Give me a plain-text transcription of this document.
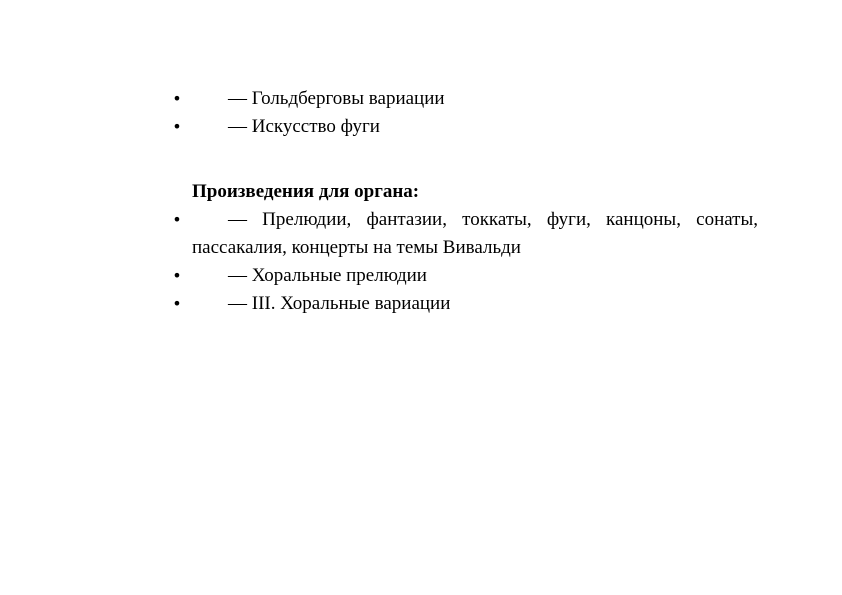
• — Гольдберговы вариации
• — Искусство фуги

Произведения для органа:

• — Прелюдии, фантазии, токкаты, фуги, канцоны, сонаты, пассакалия, концерты на темы Вивальди
• — Хоральные прелюдии
• — III. Хоральные вариации
